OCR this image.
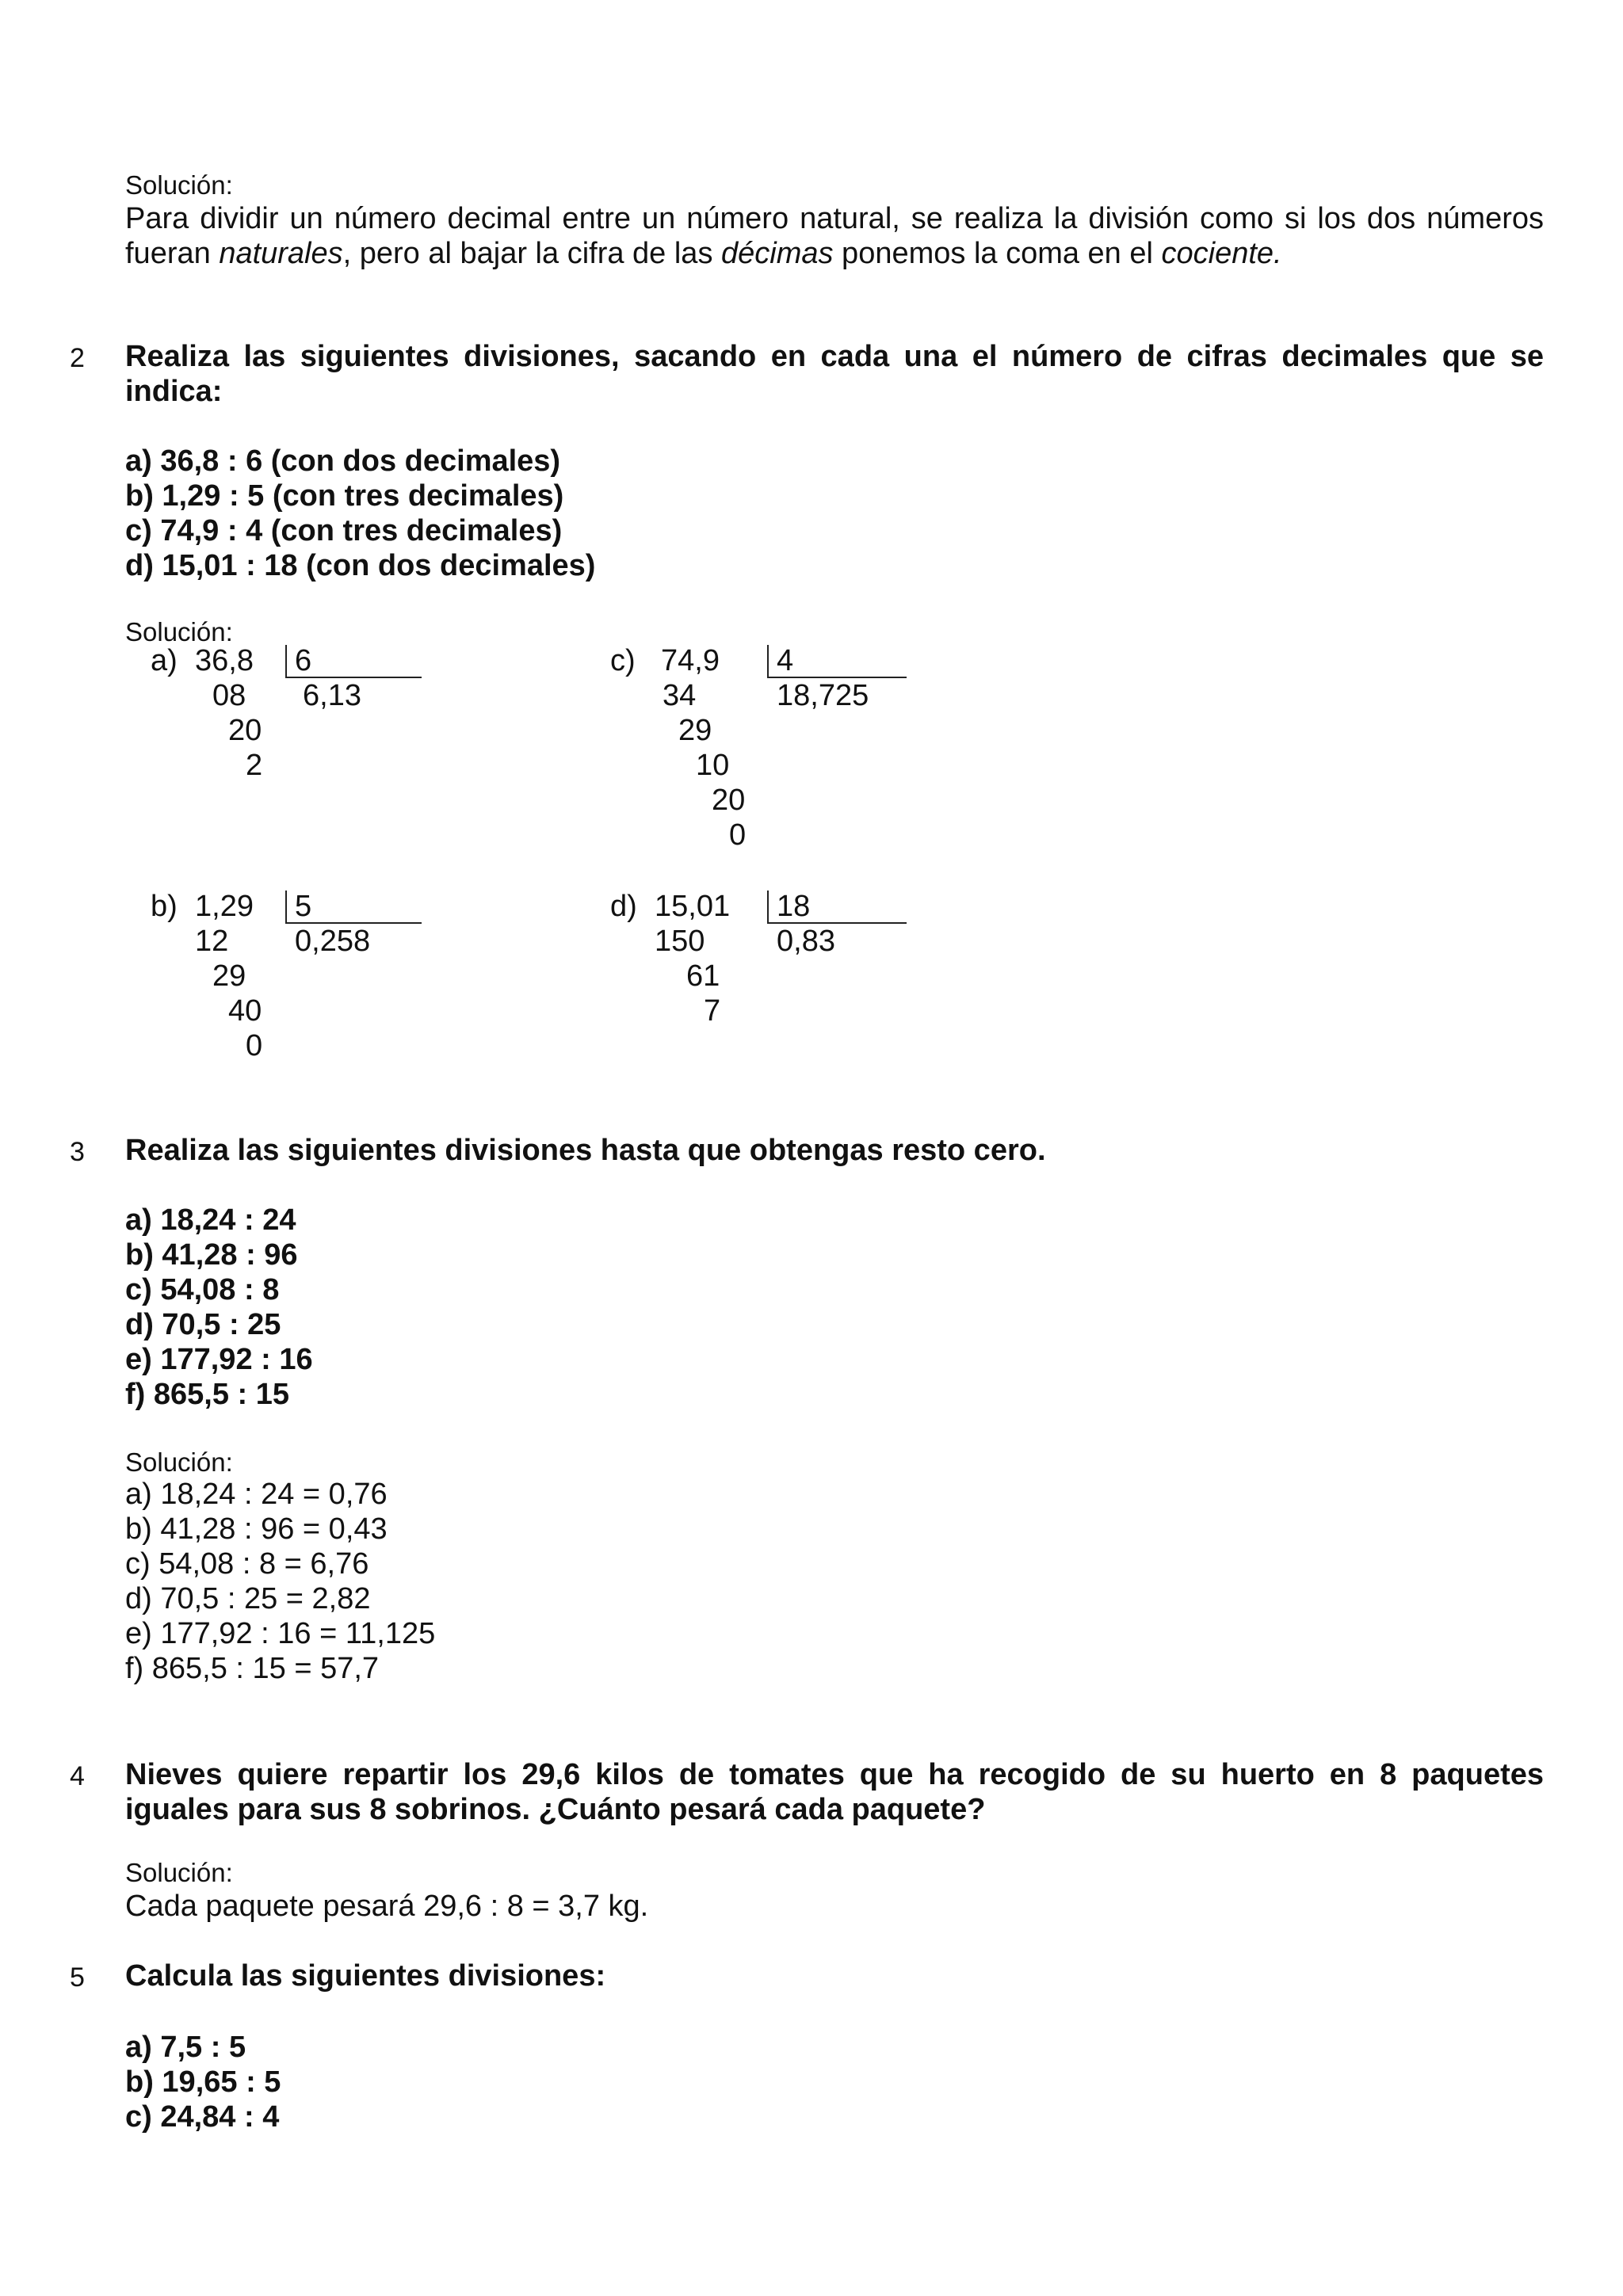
Solución:
Para dividir un número decimal entre un número natural, se realiza la división como si los dos números fueran naturales, pero al bajar la cifra de las décimas ponemos la coma en el cociente.
2 Realiza las siguientes divisiones, sacando en cada una el número de cifras decimales que se indica:
a) 36,8 : 6 (con dos decimales)
b) 1,29 : 5 (con tres decimales)
c) 74,9 : 4 (con tres decimales)
d) 15,01 : 18 (con dos decimales)
Solución:
a) 36,8 6
6,13
08
20
2
c) 74,9 4
18,725
34
29
10
20
0
b) 1,29 5
0,258
12
29
40
0
d) 15,01 18
0,83
150
61
7
3 Realiza las siguientes divisiones hasta que obtengas resto cero.
a) 18,24 : 24
b) 41,28 : 96
c) 54,08 : 8
d) 70,5 : 25
e) 177,92 : 16
f) 865,5 : 15
Solución:
a) 18,24 : 24 = 0,76
b) 41,28 : 96 = 0,43
c) 54,08 : 8 = 6,76
d) 70,5 : 25 = 2,82
e) 177,92 : 16 = 11,125
f) 865,5 : 15 = 57,7
4 Nieves quiere repartir los 29,6 kilos de tomates que ha recogido de su huerto en 8 paquetes iguales para sus 8 sobrinos. ¿Cuánto pesará cada paquete?
Solución:
Cada paquete pesará 29,6 : 8 = 3,7 kg.
5 Calcula las siguientes divisiones:
a) 7,5 : 5
b) 19,65 : 5
c) 24,84 : 4
